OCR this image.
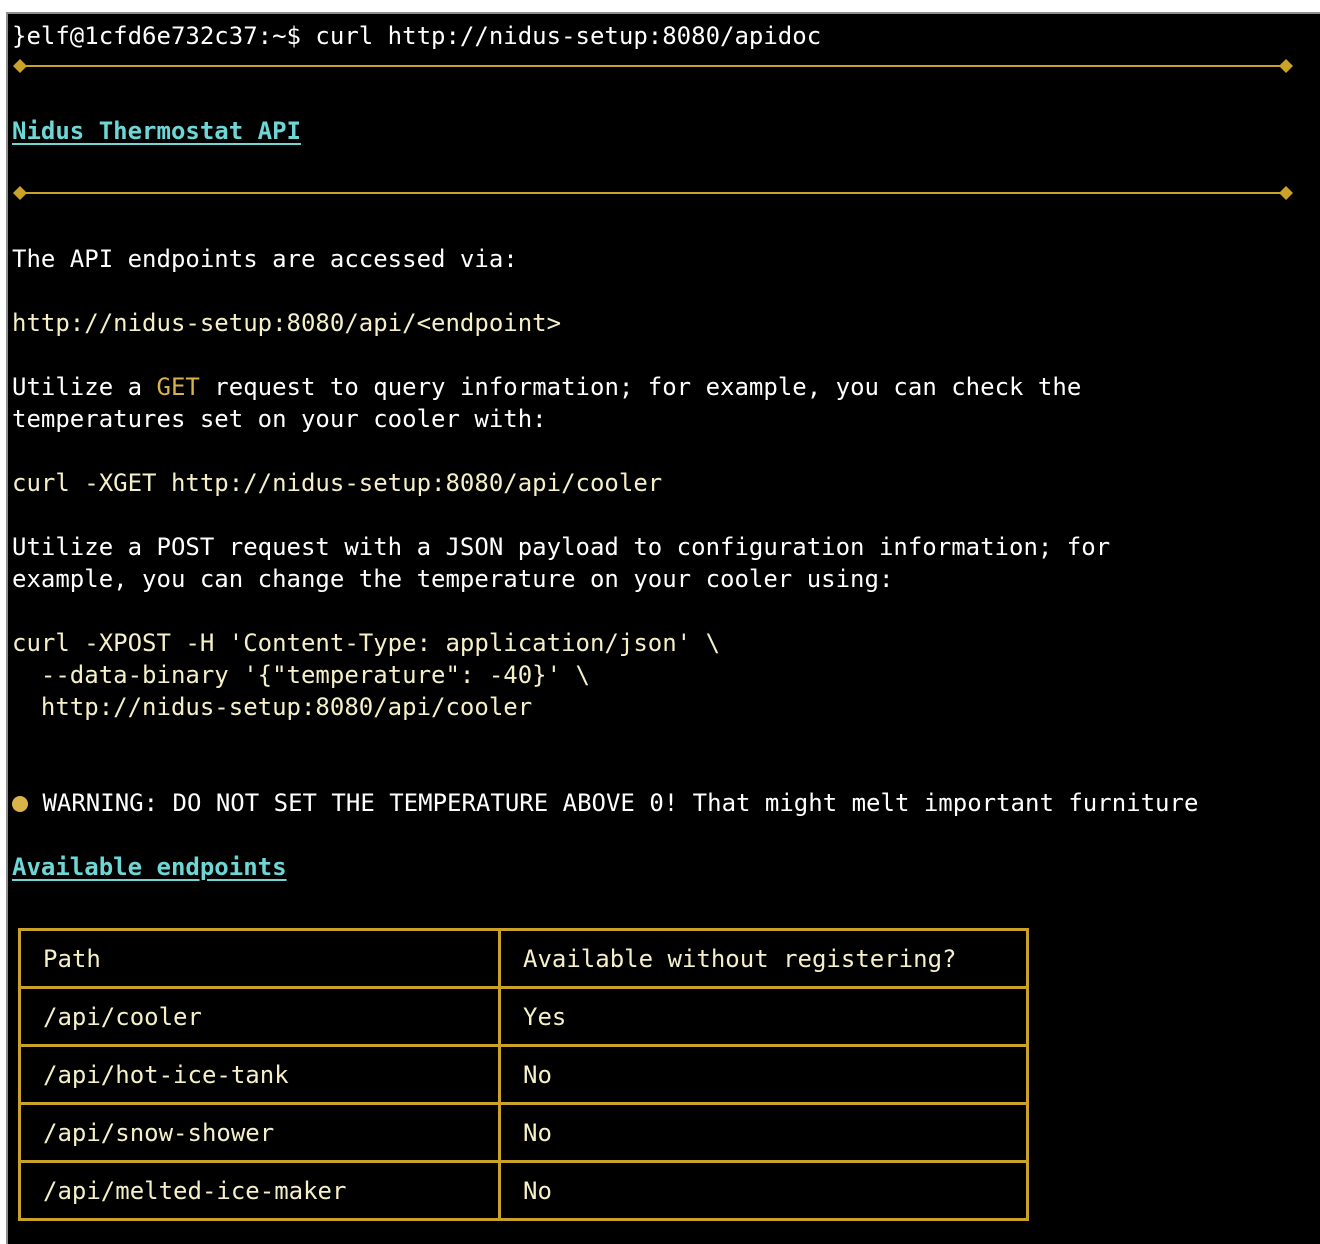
}elf@1cfd6e732c37:~$ curl http://nidus-setup:8080/apidoc

Nidus Thermostat API

The API endpoints are accessed via:

http://nidus-setup:8080/api/<endpoint>

Utilize a GET request to query information; for example, you can check the

temperatures set on your cooler with:

curl -XGET http://nidus-setup:8080/api/cooler

Utilize a POST request with a JSON payload to configuration information; for

example, you can change the temperature on your cooler using:

curl -XPOST -H 'Content-Type: application/json' \

--data-binary '{"temperature": -40}' \

http://nidus-setup:8080/api/cooler

WARNING: DO NOT SET THE TEMPERATURE ABOVE 0! That might melt important furniture

Available endpoints

Path	Available without registering?
/api/cooler	Yes
/api/hot-ice-tank	No
/api/snow-shower	No
/api/melted-ice-maker	No
